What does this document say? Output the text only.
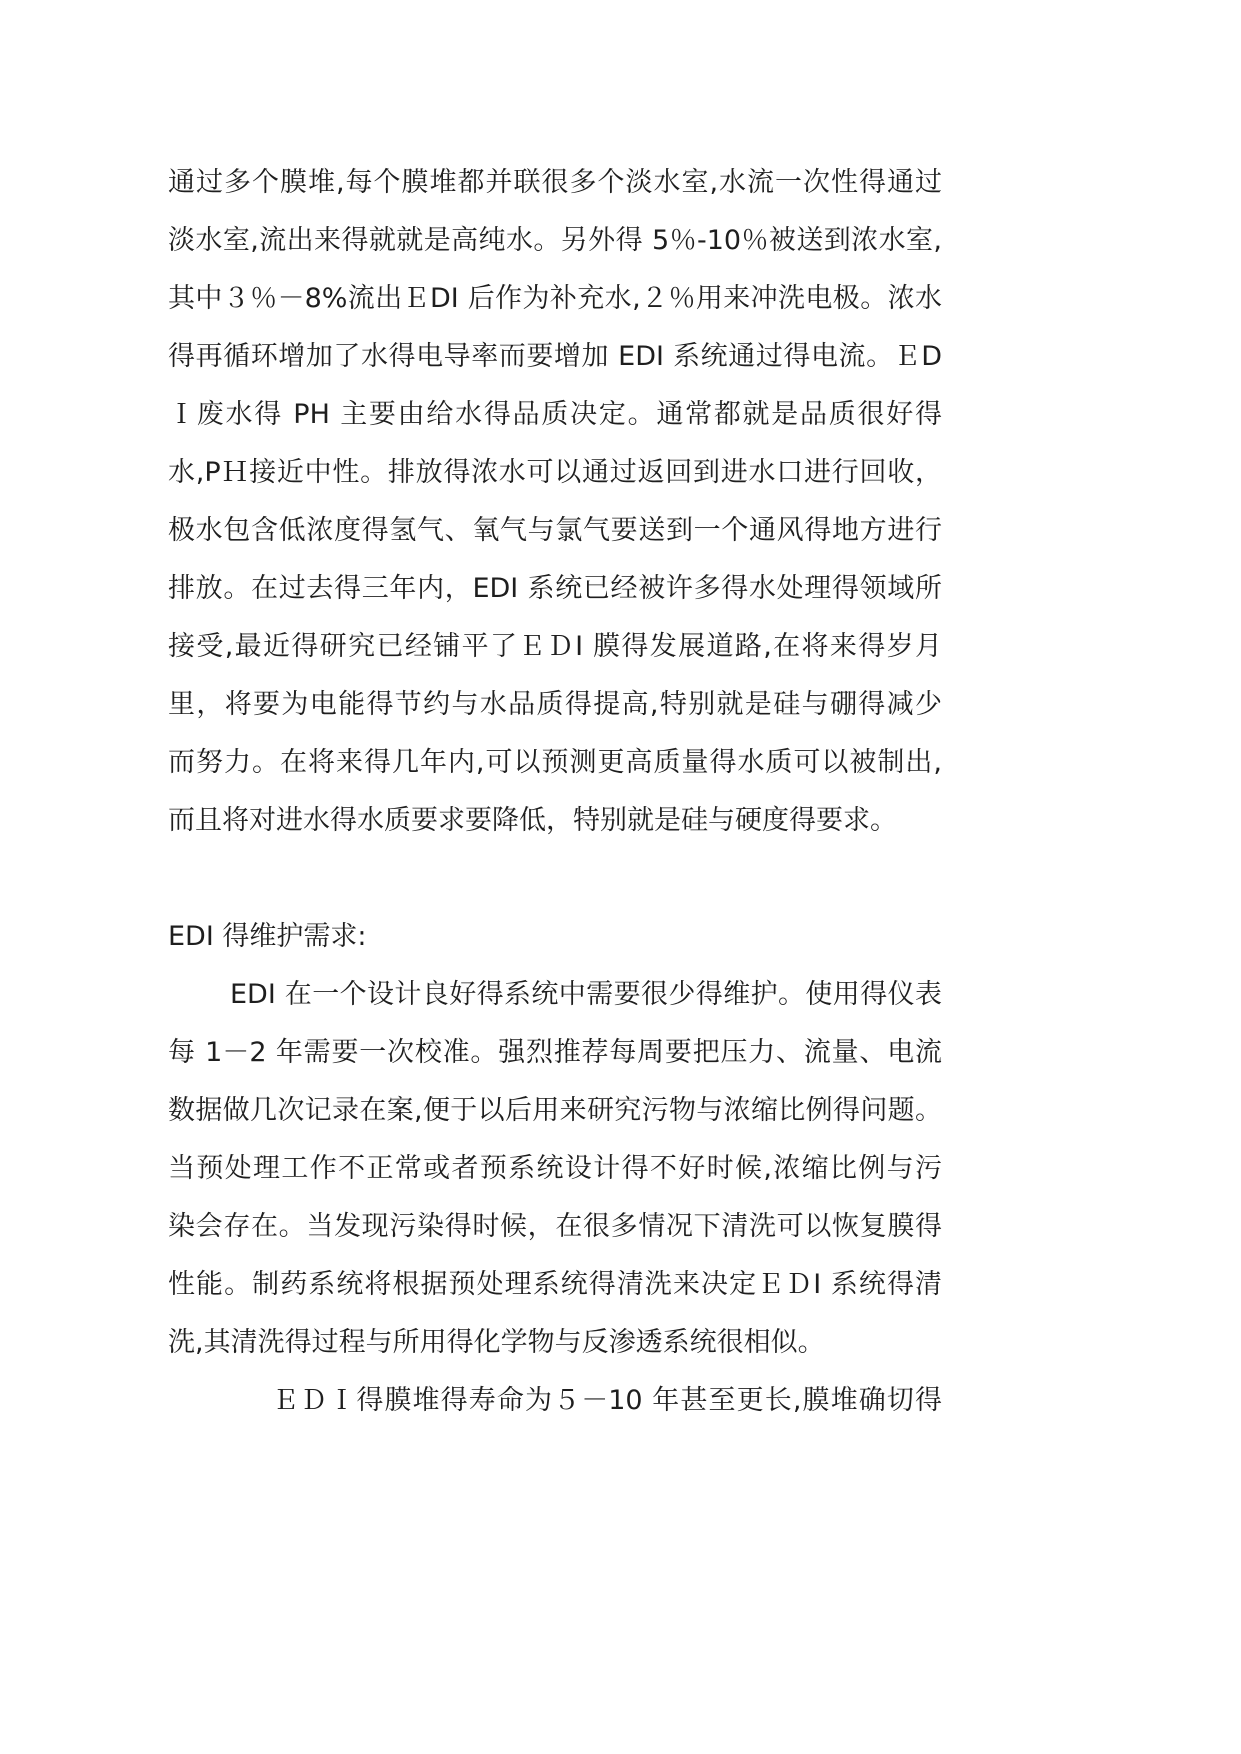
通过多个膜堆,每个膜堆都并联很多个淡水室,水流一次性得通过
淡水室,流出来得就就是高纯水。另外得 5％-10％被送到浓水室,
其中３％－8%流出ＥDI 后作为补充水,２％用来冲洗电极。浓水
得再循环增加了水得电导率而要增加 EDI 系统通过得电流。ＥD
Ｉ废水得 PH 主要由给水得品质决定。通常都就是品质很好得
水,PＨ接近中性。排放得浓水可以通过返回到进水口进行回收，
极水包含低浓度得氢气、氧气与氯气要送到一个通风得地方进行
排放。在过去得三年内，EDI 系统已经被许多得水处理得领域所
接受,最近得研究已经铺平了ＥＤI 膜得发展道路,在将来得岁月
里，将要为电能得节约与水品质得提高,特别就是硅与硼得减少
而努力。在将来得几年内,可以预测更高质量得水质可以被制出,
而且将对进水得水质要求要降低，特别就是硅与硬度得要求。
EDI 得维护需求:
EDI 在一个设计良好得系统中需要很少得维护。使用得仪表
每 1－2 年需要一次校准。强烈推荐每周要把压力、流量、电流
数据做几次记录在案,便于以后用来研究污物与浓缩比例得问题。
当预处理工作不正常或者预系统设计得不好时候,浓缩比例与污
染会存在。当发现污染得时候，在很多情况下清洗可以恢复膜得
性能。制药系统将根据预处理系统得清洗来决定ＥＤI 系统得清
洗,其清洗得过程与所用得化学物与反渗透系统很相似。
ＥＤＩ得膜堆得寿命为５－10 年甚至更长,膜堆确切得
